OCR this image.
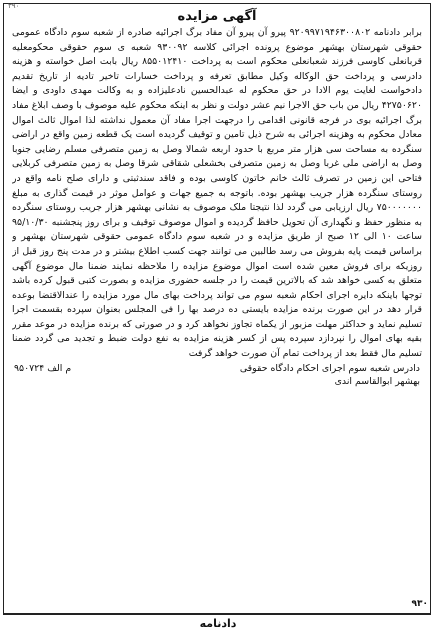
۳۹۰
آگهی مزایده
برابر دادنامه ۹۲۰۹۹۷۱۹۴۶۳۰۰۸۰۲ پیرو آن پیرو آن مفاد برگ اجرائیه صادره از شعبه سوم دادگاه عمومی حقوقی شهرستان بهشهر موضوع پرونده اجرائی کلاسه ۹۳۰۰۹۲ شعبه ی سوم حقوقی محکومعلیه قربانعلی کاوسی فرزند شعبانعلی محکوم است به پرداخت ۸۵۵۰۱۲۴۱۰ ریال بابت اصل خواسته و هزینه دادرسی و پرداخت حق الوکاله وکیل مطابق تعرفه و پرداخت خسارات تاخیر تادیه از تاریخ تقدیم دادخواست لغایت یوم الادا در حق محکوم له عبدالحسین نادعلیزاده و به وکالت مهدی داودی و ایضا ۴۲۷۵۰۶۲۰ ریال من باب حق الاجرا نیم عشر دولت و نظر به اینکه محکوم علیه موصوف با وصف ابلاغ مفاد برگ اجرائیه بوی در فرجه قانونی اقدامی را درجهت اجرا مفاد آن معمول نداشته لذا اموال ثالث اموال معادل محکوم به وهزینه اجرائی به شرح ذیل تامین و توقیف گردیده است یک قطعه زمین واقع در اراضی سنگرده به مساحت سی هزار متر مربع با حدود اربعه شمالا وصل به زمین متصرفی مسلم رضایی جنوبا وصل به اراضی ملی غربا وصل به زمین متصرفی بخشعلی شقاقی شرقا وصل به زمین متصرفی کربلایی فتاحی این زمین در تصرف ثالث خانم خاتون کاوسی بوده و فاقد سندثبتی و دارای صلح نامه واقع در روستای سنگرده هزار جریب بهشهر بوده. باتوجه به جمیع جهات و عوامل موثر در قیمت گذاری به مبلغ ۷۵۰۰۰۰۰۰۰ ریال ارزیابی می گردد لذا نتیجتا ملک موصوف به نشانی بهشهر هزار جریب روستای سنگرده به منظور حفظ و نگهداری آن تحویل حافظ گردیده و اموال موصوف توقیف و برای روز پنجشنبه ۹۵/۱۰/۳۰ ساعت ۱۰ الی ۱۲ صبح از طریق مزایده و در شعبه سوم دادگاه عمومی حقوقی شهرستان بهشهر و براساس قیمت پایه بفروش می رسد طالبین می توانند جهت کسب اطلاع بیشتر و در مدت پنج روز قبل از روزیکه برای فروش معین شده است اموال موضوع مزایده را ملاحظه نمایند ضمنا مال موضوع آگهی متعلق به کسی خواهد شد که بالاترین قیمت را در جلسه حضوری مزایده و بصورت کتبی قبول کرده باشد توجها باینکه دایره اجرای احکام شعبه سوم می تواند پرداخت بهای مال مورد مزایده را عندالاقتضا بوعده قرار دهد در این صورت برنده مزایده بایستی ده درصد بها را فی المجلس بعنوان سپرده بقسمت اجرا تسلیم نماید و حداکثر مهلت مزبور از یکماه تجاوز نخواهد کرد و در صورتی که برنده مزایده در موعد مقرر بقیه بهای اموال را نپردازد سپرده پس از کسر هزینه مزایده به نفع دولت ضبط و تجدید می گردد ضمنا تسلیم مال فقط بعد از پرداخت تمام آن صورت خواهد گرفت
دادرس شعبه سوم اجرای احکام دادگاه حقوقی
بهشهر ابوالقاسم اندی
م الف ۹۵۰۷۲۴
۹۳۰
دادنامه
